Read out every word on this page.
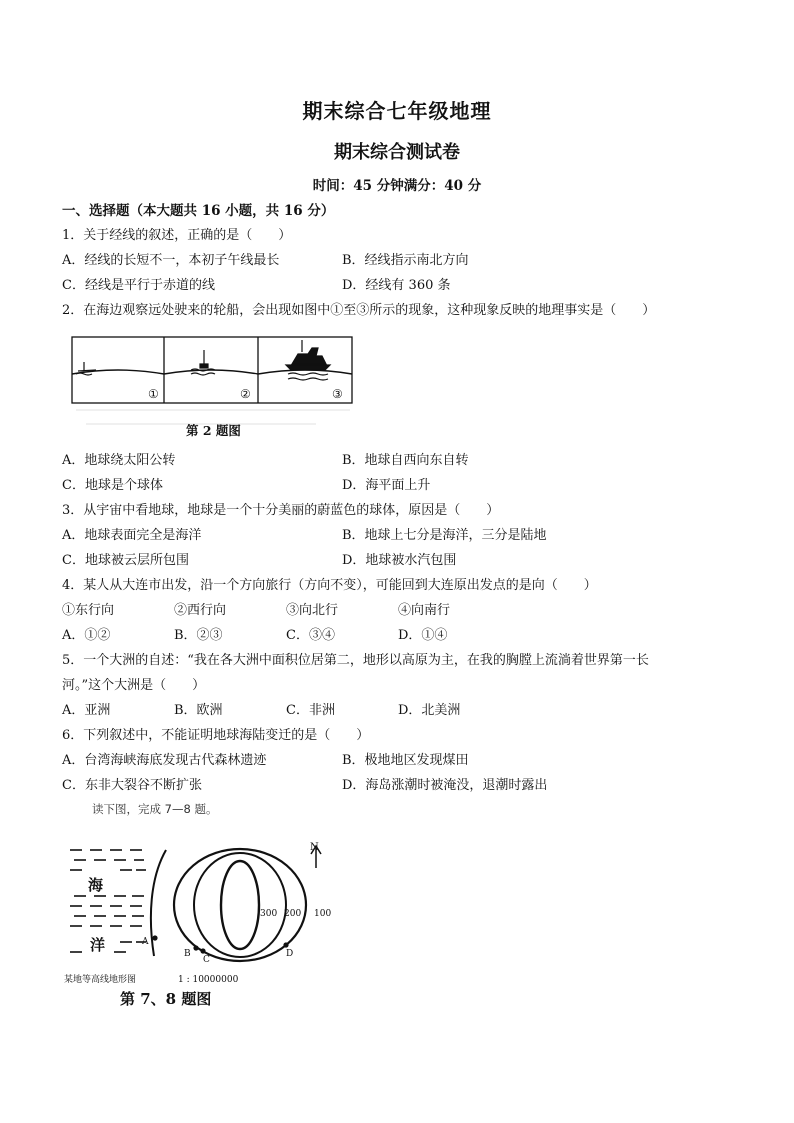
期末综合七年级地理
期末综合测试卷
时间：45 分钟满分：40 分
一、选择题（本大题共 16 小题，共 16 分）
1．关于经线的叙述，正确的是（　　）
A．经线的长短不一，本初子午线最长	B．经线指示南北方向
C．经线是平行于赤道的线	D．经线有 360 条
2．在海边观察远处驶来的轮船，会出现如图中①至③所示的现象，这种现象反映的地理事实是（　　）
①	②	③
第 2 题图
A．地球绕太阳公转	B．地球自西向东自转
C．地球是个球体	D．海平面上升
3．从宇宙中看地球，地球是一个十分美丽的蔚蓝色的球体，原因是（　　）
A．地球表面完全是海洋	B．地球上七分是海洋，三分是陆地
C．地球被云层所包围	D．地球被水汽包围
4．某人从大连市出发，沿一个方向旅行（方向不变），可能回到大连原出发点的是向（　　）
①东行向	②西行向	③向北行	④向南行
A．①②	B．②③	C．③④	D．①④
5．一个大洲的自述：“我在各大洲中面积位居第二，地形以高原为主，在我的胸膛上流淌着世界第一长
河。”这个大洲是（　　）
A．亚洲	B．欧洲	C．非洲	D．北美洲
6．下列叙述中，不能证明地球海陆变迁的是（　　）
A．台湾海峡海底发现古代森林遗迹	B．极地地区发现煤田
C．东非大裂谷不断扩张	D．海岛涨潮时被淹没，退潮时露出
读下图，完成 7—8 题。
海
洋
300 200 100
N
A
B
C
D
某地等高线地形图	1 : 10000000
第 7、8 题图
